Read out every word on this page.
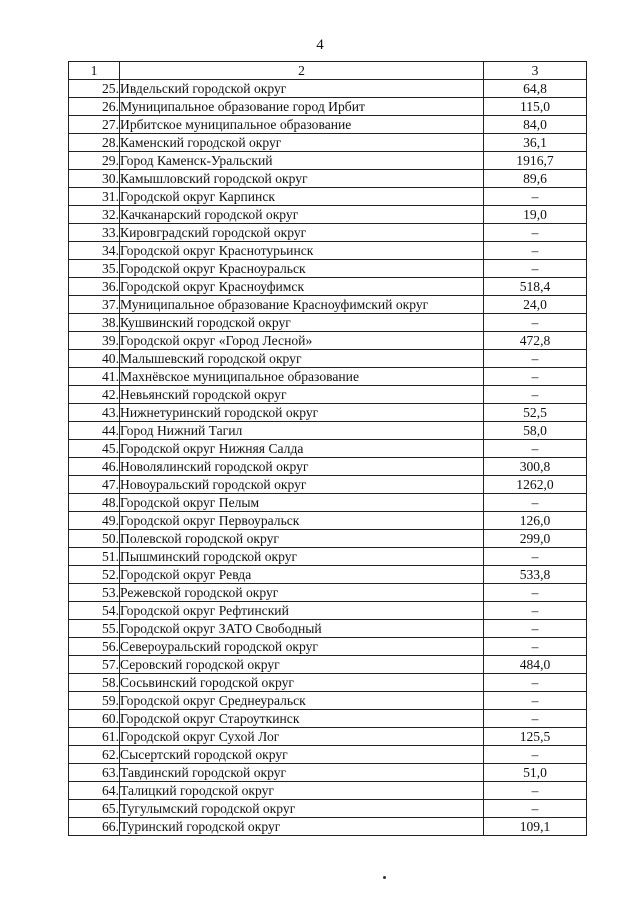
4
1	2	3
25.	Ивдельский городской округ	64,8
26.	Муниципальное образование город Ирбит	115,0
27.	Ирбитское муниципальное образование	84,0
28.	Каменский городской округ	36,1
29.	Город Каменск-Уральский	1916,7
30.	Камышловский городской округ	89,6
31.	Городской округ Карпинск	–
32.	Качканарский городской округ	19,0
33.	Кировградский городской округ	–
34.	Городской округ Краснотурьинск	–
35.	Городской округ Красноуральск	–
36.	Городской округ Красноуфимск	518,4
37.	Муниципальное образование Красноуфимский округ	24,0
38.	Кушвинский городской округ	–
39.	Городской округ «Город Лесной»	472,8
40.	Малышевский городской округ	–
41.	Махнёвское муниципальное образование	–
42.	Невьянский городской округ	–
43.	Нижнетуринский городской округ	52,5
44.	Город Нижний Тагил	58,0
45.	Городской округ Нижняя Салда	–
46.	Новолялинский городской округ	300,8
47.	Новоуральский городской округ	1262,0
48.	Городской округ Пелым	–
49.	Городской округ Первоуральск	126,0
50.	Полевской городской округ	299,0
51.	Пышминский городской округ	–
52.	Городской округ Ревда	533,8
53.	Режевской городской округ	–
54.	Городской округ Рефтинский	–
55.	Городской округ ЗАТО Свободный	–
56.	Североуральский городской округ	–
57.	Серовский городской округ	484,0
58.	Сосьвинский городской округ	–
59.	Городской округ Среднеуральск	–
60.	Городской округ Староуткинск	–
61.	Городской округ Сухой Лог	125,5
62.	Сысертский городской округ	–
63.	Тавдинский городской округ	51,0
64.	Талицкий городской округ	–
65.	Тугулымский городской округ	–
66.	Туринский городской округ	109,1
